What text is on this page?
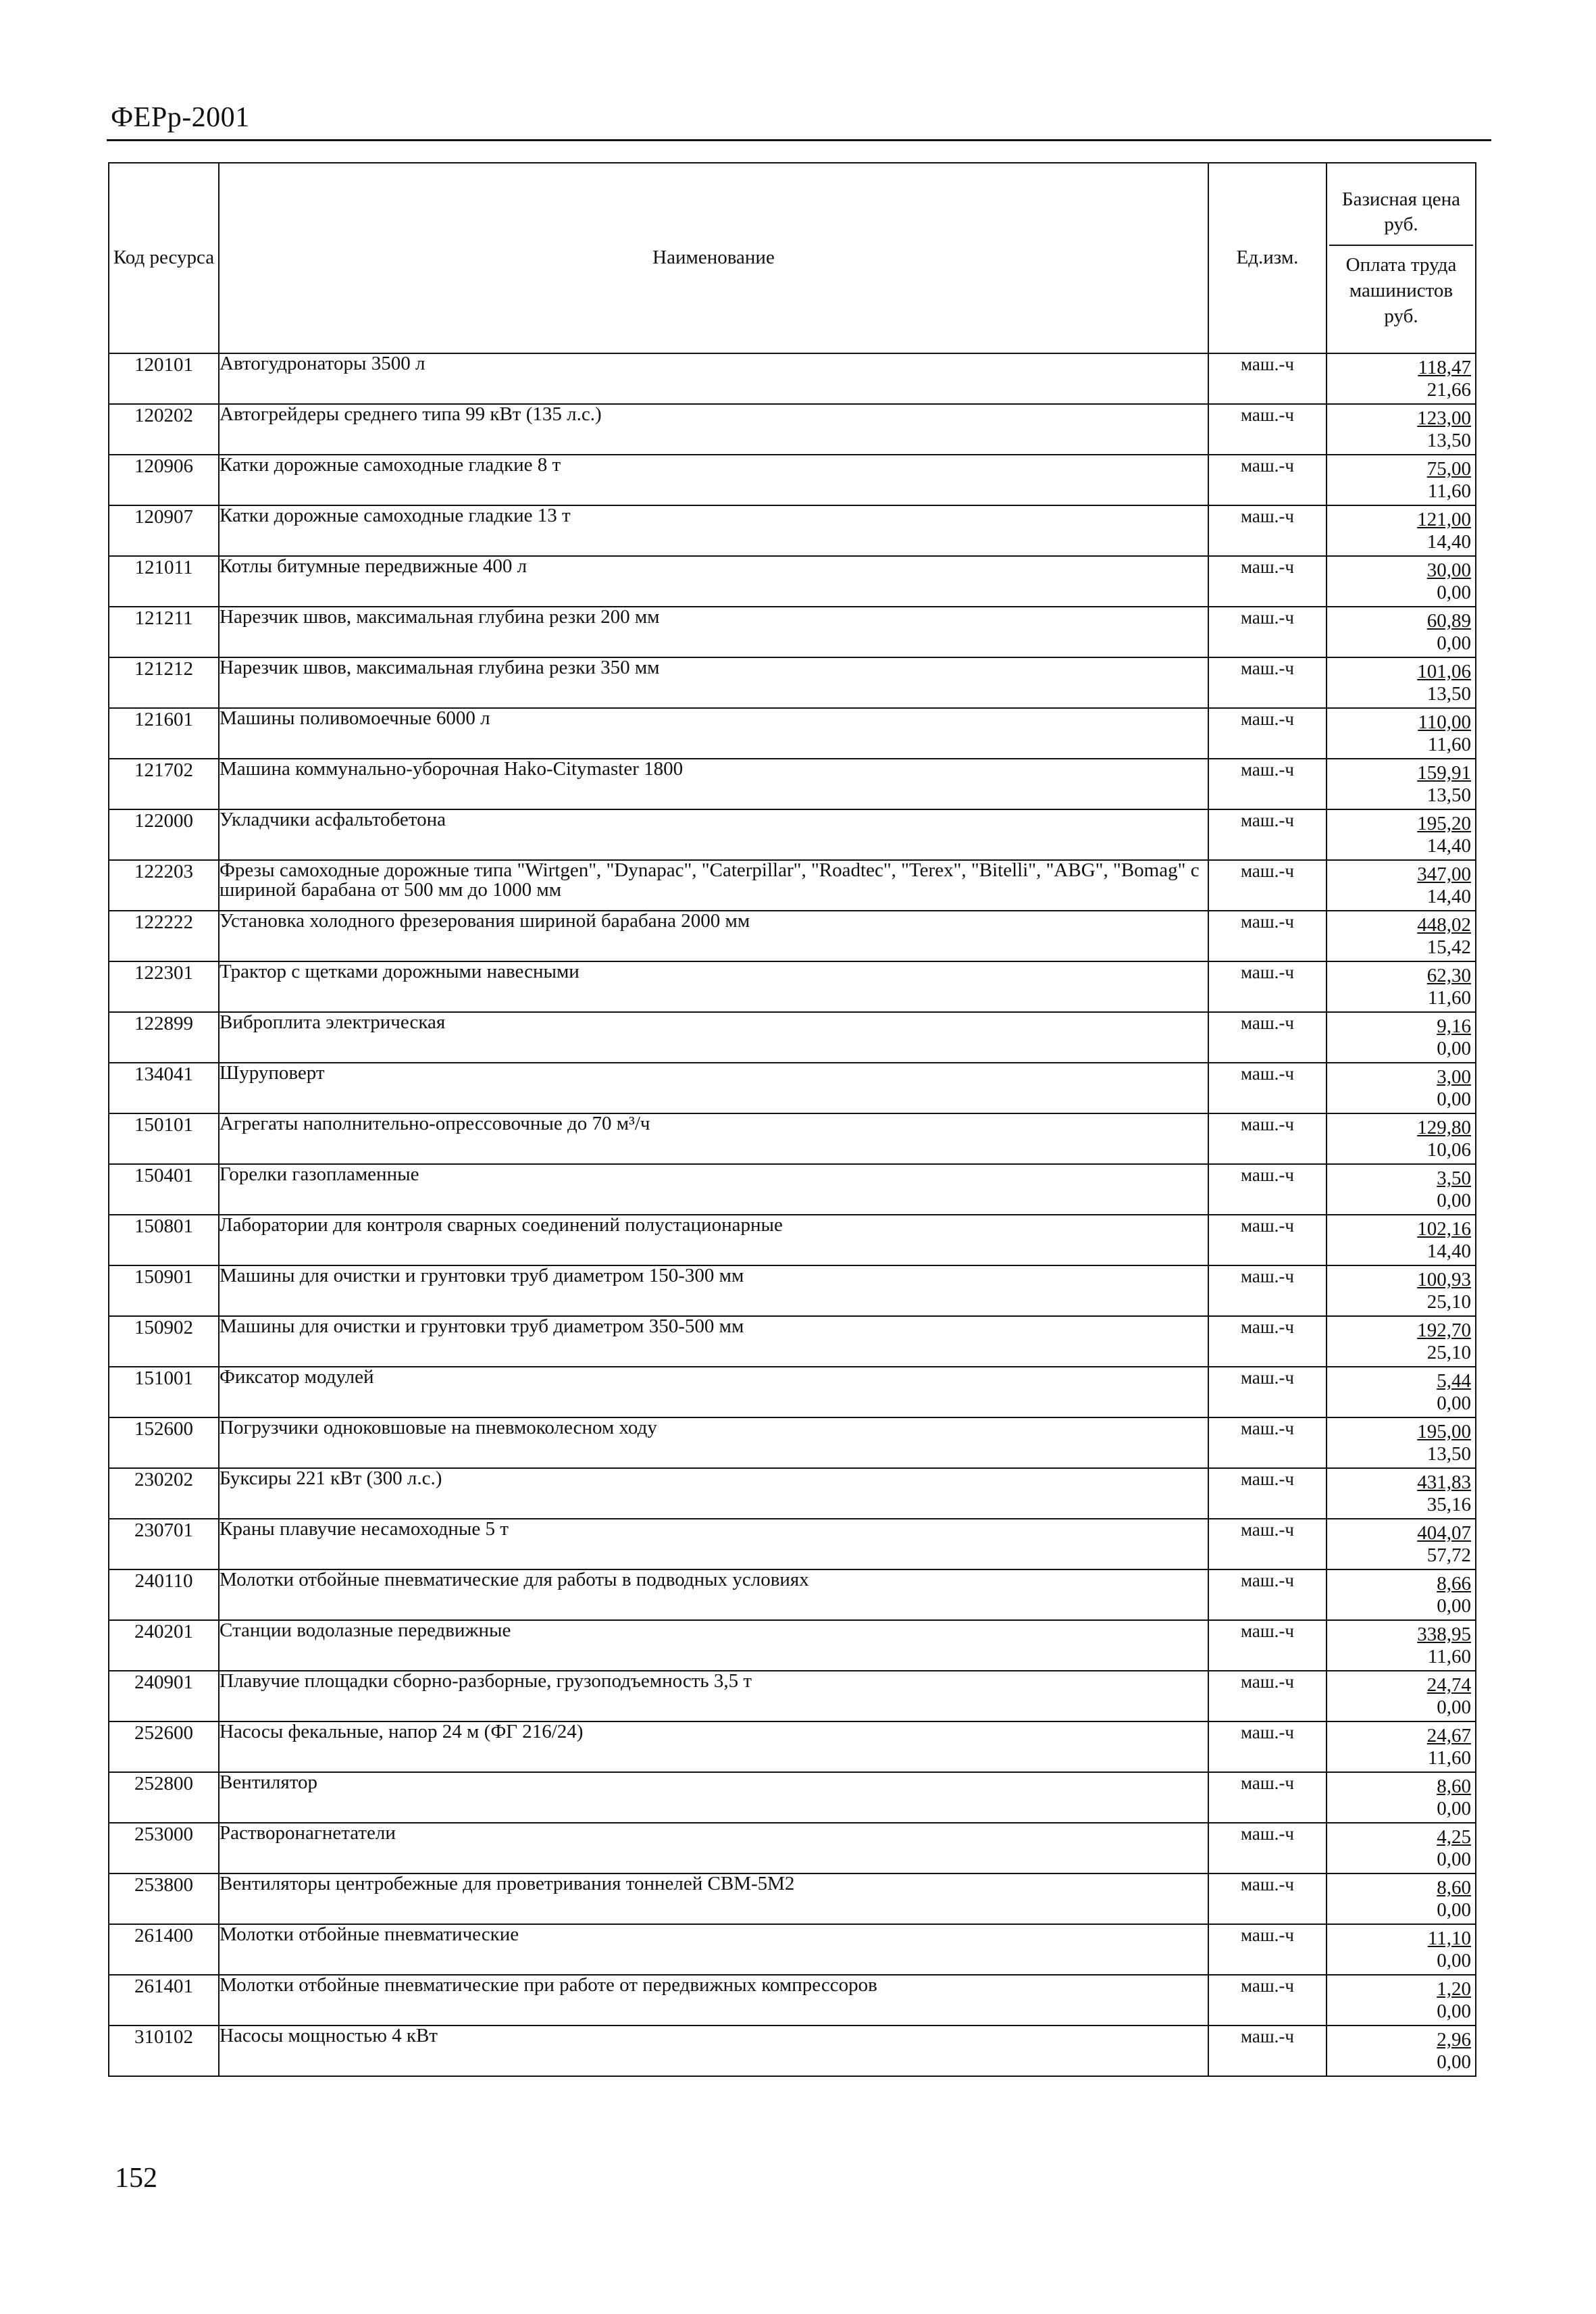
ФЕРр-2001
Код ресурса	Наименование	Ед.изм.	Базисная цена руб.
Оплата труда машинистов руб.

120101	Автогудронаторы 3500 л	маш.-ч	118,47
21,66

120202	Автогрейдеры среднего типа 99 кВт (135 л.с.)	маш.-ч	123,00
13,50

120906	Катки дорожные самоходные гладкие 8 т	маш.-ч	75,00
11,60

120907	Катки дорожные самоходные гладкие 13 т	маш.-ч	121,00
14,40

121011	Котлы битумные передвижные 400 л	маш.-ч	30,00
0,00

121211	Нарезчик швов, максимальная глубина резки 200 мм	маш.-ч	60,89
0,00

121212	Нарезчик швов, максимальная глубина резки 350 мм	маш.-ч	101,06
13,50

121601	Машины поливомоечные 6000 л	маш.-ч	110,00
11,60

121702	Машина коммунально-уборочная Hako-Citymaster 1800	маш.-ч	159,91
13,50

122000	Укладчики асфальтобетона	маш.-ч	195,20
14,40

122203	Фрезы самоходные дорожные типа "Wirtgen", "Dynapac", "Caterpillar", "Roadtec", "Terex", "Bitelli", "ABG", "Bomag" с шириной барабана от 500 мм до 1000 мм	маш.-ч	347,00
14,40

122222	Установка холодного фрезерования шириной барабана 2000 мм	маш.-ч	448,02
15,42

122301	Трактор с щетками дорожными навесными	маш.-ч	62,30
11,60

122899	Виброплита электрическая	маш.-ч	9,16
0,00

134041	Шуруповерт	маш.-ч	3,00
0,00

150101	Агрегаты наполнительно-опрессовочные до 70 м³/ч	маш.-ч	129,80
10,06

150401	Горелки газопламенные	маш.-ч	3,50
0,00

150801	Лаборатории для контроля сварных соединений полустационарные	маш.-ч	102,16
14,40

150901	Машины для очистки и грунтовки труб диаметром 150-300 мм	маш.-ч	100,93
25,10

150902	Машины для очистки и грунтовки труб диаметром 350-500 мм	маш.-ч	192,70
25,10

151001	Фиксатор модулей	маш.-ч	5,44
0,00

152600	Погрузчики одноковшовые на пневмоколесном ходу	маш.-ч	195,00
13,50

230202	Буксиры 221 кВт (300 л.с.)	маш.-ч	431,83
35,16

230701	Краны плавучие несамоходные 5 т	маш.-ч	404,07
57,72

240110	Молотки отбойные пневматические для работы в подводных условиях	маш.-ч	8,66
0,00

240201	Станции водолазные передвижные	маш.-ч	338,95
11,60

240901	Плавучие площадки сборно-разборные, грузоподъемность 3,5 т	маш.-ч	24,74
0,00

252600	Насосы фекальные, напор 24 м (ФГ 216/24)	маш.-ч	24,67
11,60

252800	Вентилятор	маш.-ч	8,60
0,00

253000	Растворонагнетатели	маш.-ч	4,25
0,00

253800	Вентиляторы центробежные для проветривания тоннелей СВМ-5М2	маш.-ч	8,60
0,00

261400	Молотки отбойные пневматические	маш.-ч	11,10
0,00

261401	Молотки отбойные пневматические при работе от передвижных компрессоров	маш.-ч	1,20
0,00

310102	Насосы мощностью 4 кВт	маш.-ч	2,96
0,00
152
